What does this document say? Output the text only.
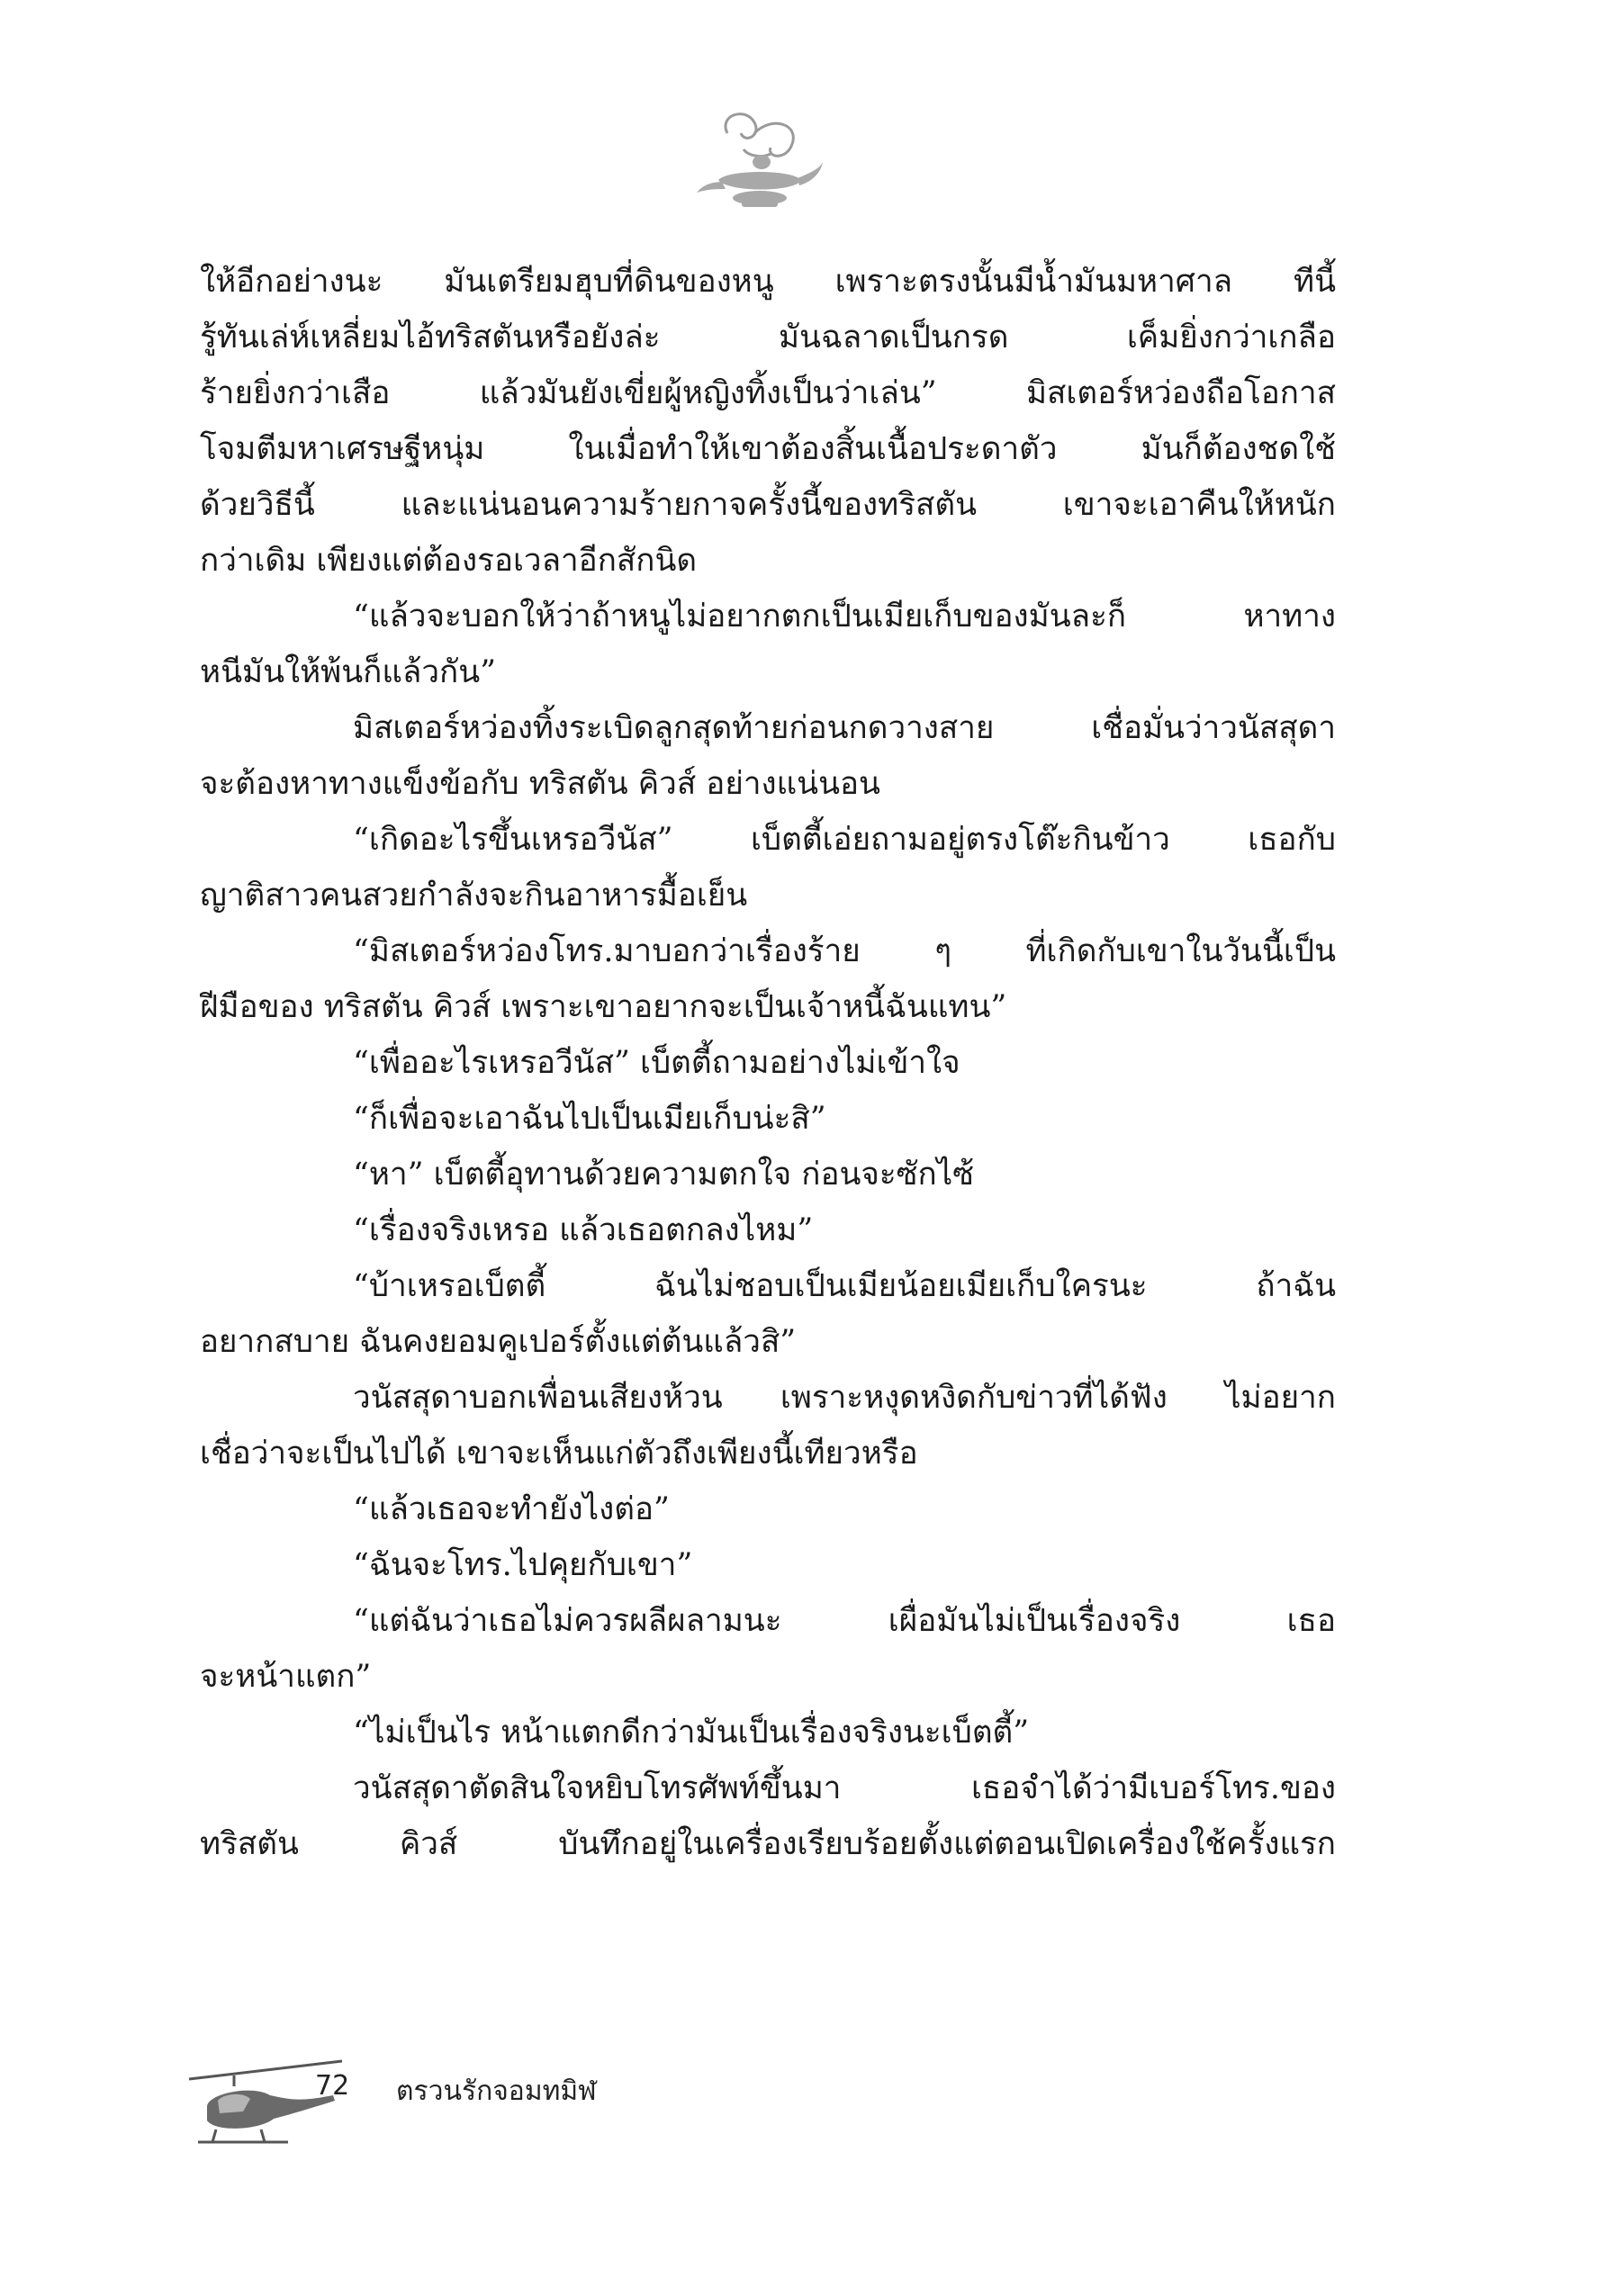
ให้อีกอย่างนะ มันเตรียมฮุบที่ดินของหนู เพราะตรงนั้นมีน้ำมันมหาศาล ทีนี้
รู้ทันเล่ห์เหลี่ยมไอ้ทริสตันหรือยังล่ะ มันฉลาดเป็นกรด เค็มยิ่งกว่าเกลือ
ร้ายยิ่งกว่าเสือ แล้วมันยังเขี่ยผู้หญิงทิ้งเป็นว่าเล่น” มิสเตอร์หว่องถือโอกาส
โจมตีมหาเศรษฐีหนุ่ม ในเมื่อทำให้เขาต้องสิ้นเนื้อประดาตัว มันก็ต้องชดใช้
ด้วยวิธีนี้ และแน่นอนความร้ายกาจครั้งนี้ของทริสตัน เขาจะเอาคืนให้หนัก
กว่าเดิม เพียงแต่ต้องรอเวลาอีกสักนิด
“แล้วจะบอกให้ว่าถ้าหนูไม่อยากตกเป็นเมียเก็บของมันละก็ หาทาง
หนีมันให้พ้นก็แล้วกัน”
มิสเตอร์หว่องทิ้งระเบิดลูกสุดท้ายก่อนกดวางสาย เชื่อมั่นว่าวนัสสุดา
จะต้องหาทางแข็งข้อกับ ทริสตัน คิวส์ อย่างแน่นอน
“เกิดอะไรขึ้นเหรอวีนัส” เบ็ตตี้เอ่ยถามอยู่ตรงโต๊ะกินข้าว เธอกับ
ญาติสาวคนสวยกำลังจะกินอาหารมื้อเย็น
“มิสเตอร์หว่องโทร.มาบอกว่าเรื่องร้าย ๆ ที่เกิดกับเขาในวันนี้เป็น
ฝีมือของ ทริสตัน คิวส์ เพราะเขาอยากจะเป็นเจ้าหนี้ฉันแทน”
“เพื่ออะไรเหรอวีนัส” เบ็ตตี้ถามอย่างไม่เข้าใจ
“ก็เพื่อจะเอาฉันไปเป็นเมียเก็บน่ะสิ”
“หา” เบ็ตตี้อุทานด้วยความตกใจ ก่อนจะซักไซ้
“เรื่องจริงเหรอ แล้วเธอตกลงไหม”
“บ้าเหรอเบ็ตตี้ ฉันไม่ชอบเป็นเมียน้อยเมียเก็บใครนะ ถ้าฉัน
อยากสบาย ฉันคงยอมคูเปอร์ตั้งแต่ต้นแล้วสิ”
วนัสสุดาบอกเพื่อนเสียงห้วน เพราะหงุดหงิดกับข่าวที่ได้ฟัง ไม่อยาก
เชื่อว่าจะเป็นไปได้ เขาจะเห็นแก่ตัวถึงเพียงนี้เทียวหรือ
“แล้วเธอจะทำยังไงต่อ”
“ฉันจะโทร.ไปคุยกับเขา”
“แต่ฉันว่าเธอไม่ควรผลีผลามนะ เผื่อมันไม่เป็นเรื่องจริง เธอ
จะหน้าแตก”
“ไม่เป็นไร หน้าแตกดีกว่ามันเป็นเรื่องจริงนะเบ็ตตี้”
วนัสสุดาตัดสินใจหยิบโทรศัพท์ขึ้นมา เธอจำได้ว่ามีเบอร์โทร.ของ
ทริสตัน คิวส์ บันทึกอยู่ในเครื่องเรียบร้อยตั้งแต่ตอนเปิดเครื่องใช้ครั้งแรก
72 ตรวนรักจอมทมิฬ
